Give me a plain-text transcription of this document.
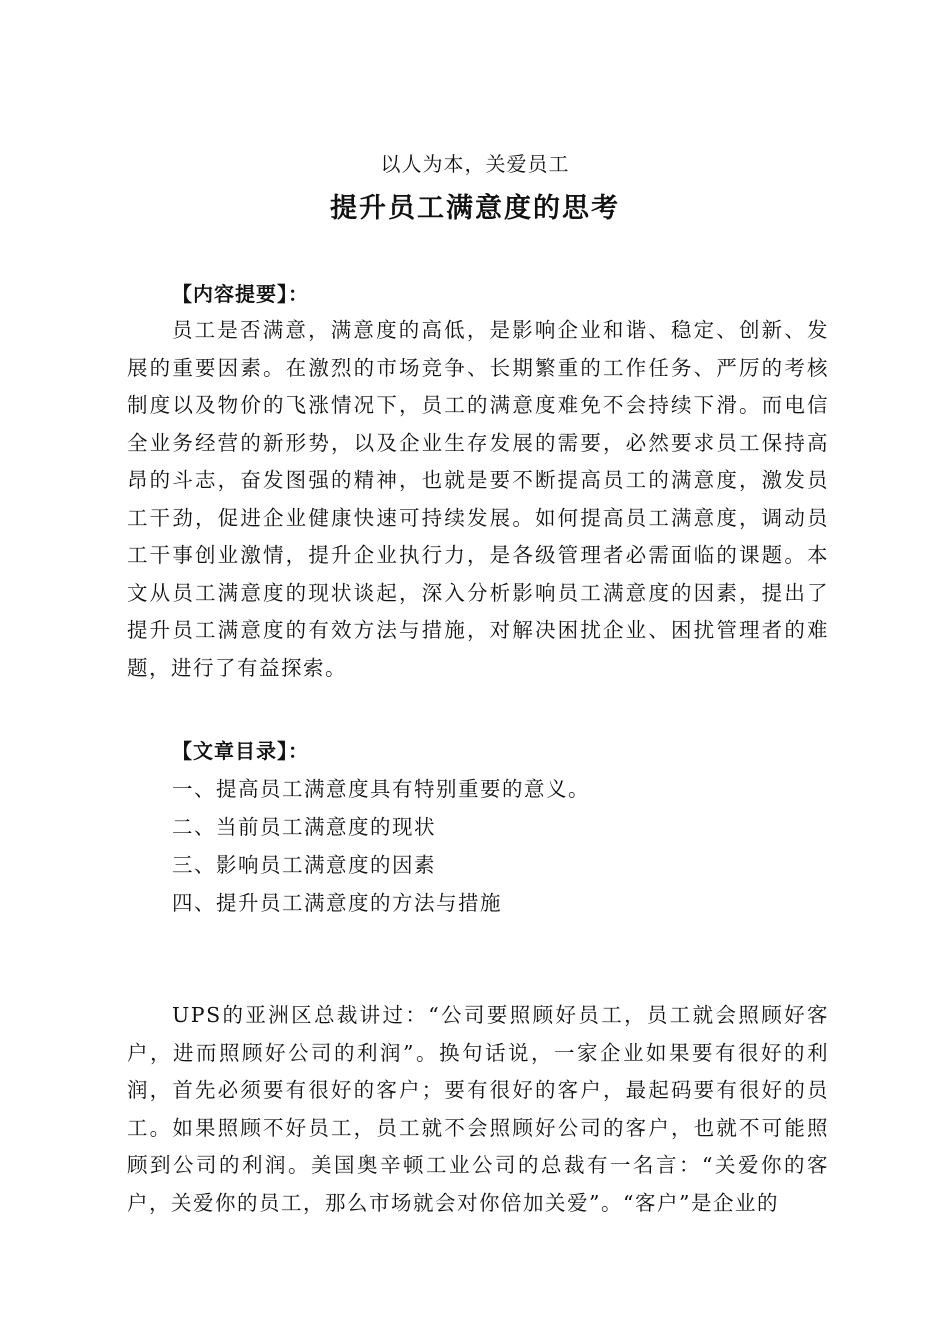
以人为本，关爱员工
提升员工满意度的思考
【内容提要】：

员工是否满意，满意度的高低，是影响企业和谐、稳定、创新、发展的重要因素。在激烈的市场竞争、长期繁重的工作任务、严厉的考核制度以及物价的飞涨情况下，员工的满意度难免不会持续下滑。而电信全业务经营的新形势，以及企业生存发展的需要，必然要求员工保持高昂的斗志，奋发图强的精神，也就是要不断提高员工的满意度，激发员工干劲，促进企业健康快速可持续发展。如何提高员工满意度，调动员工干事创业激情，提升企业执行力，是各级管理者必需面临的课题。本文从员工满意度的现状谈起，深入分析影响员工满意度的因素，提出了提升员工满意度的有效方法与措施，对解决困扰企业、困扰管理者的难题，进行了有益探索。

【文章目录】：
一、提高员工满意度具有特别重要的意义。
二、当前员工满意度的现状
三、影响员工满意度的因素
四、提升员工满意度的方法与措施

UPS的亚洲区总裁讲过：“公司要照顾好员工，员工就会照顾好客户，进而照顾好公司的利润”。换句话说，一家企业如果要有很好的利润，首先必须要有很好的客户；要有很好的客户，最起码要有很好的员工。如果照顾不好员工，员工就不会照顾好公司的客户，也就不可能照顾到公司的利润。美国奥辛顿工业公司的总裁有一名言：“关爱你的客户，关爱你的员工，那么市场就会对你倍加关爱”。“客户”是企业的
